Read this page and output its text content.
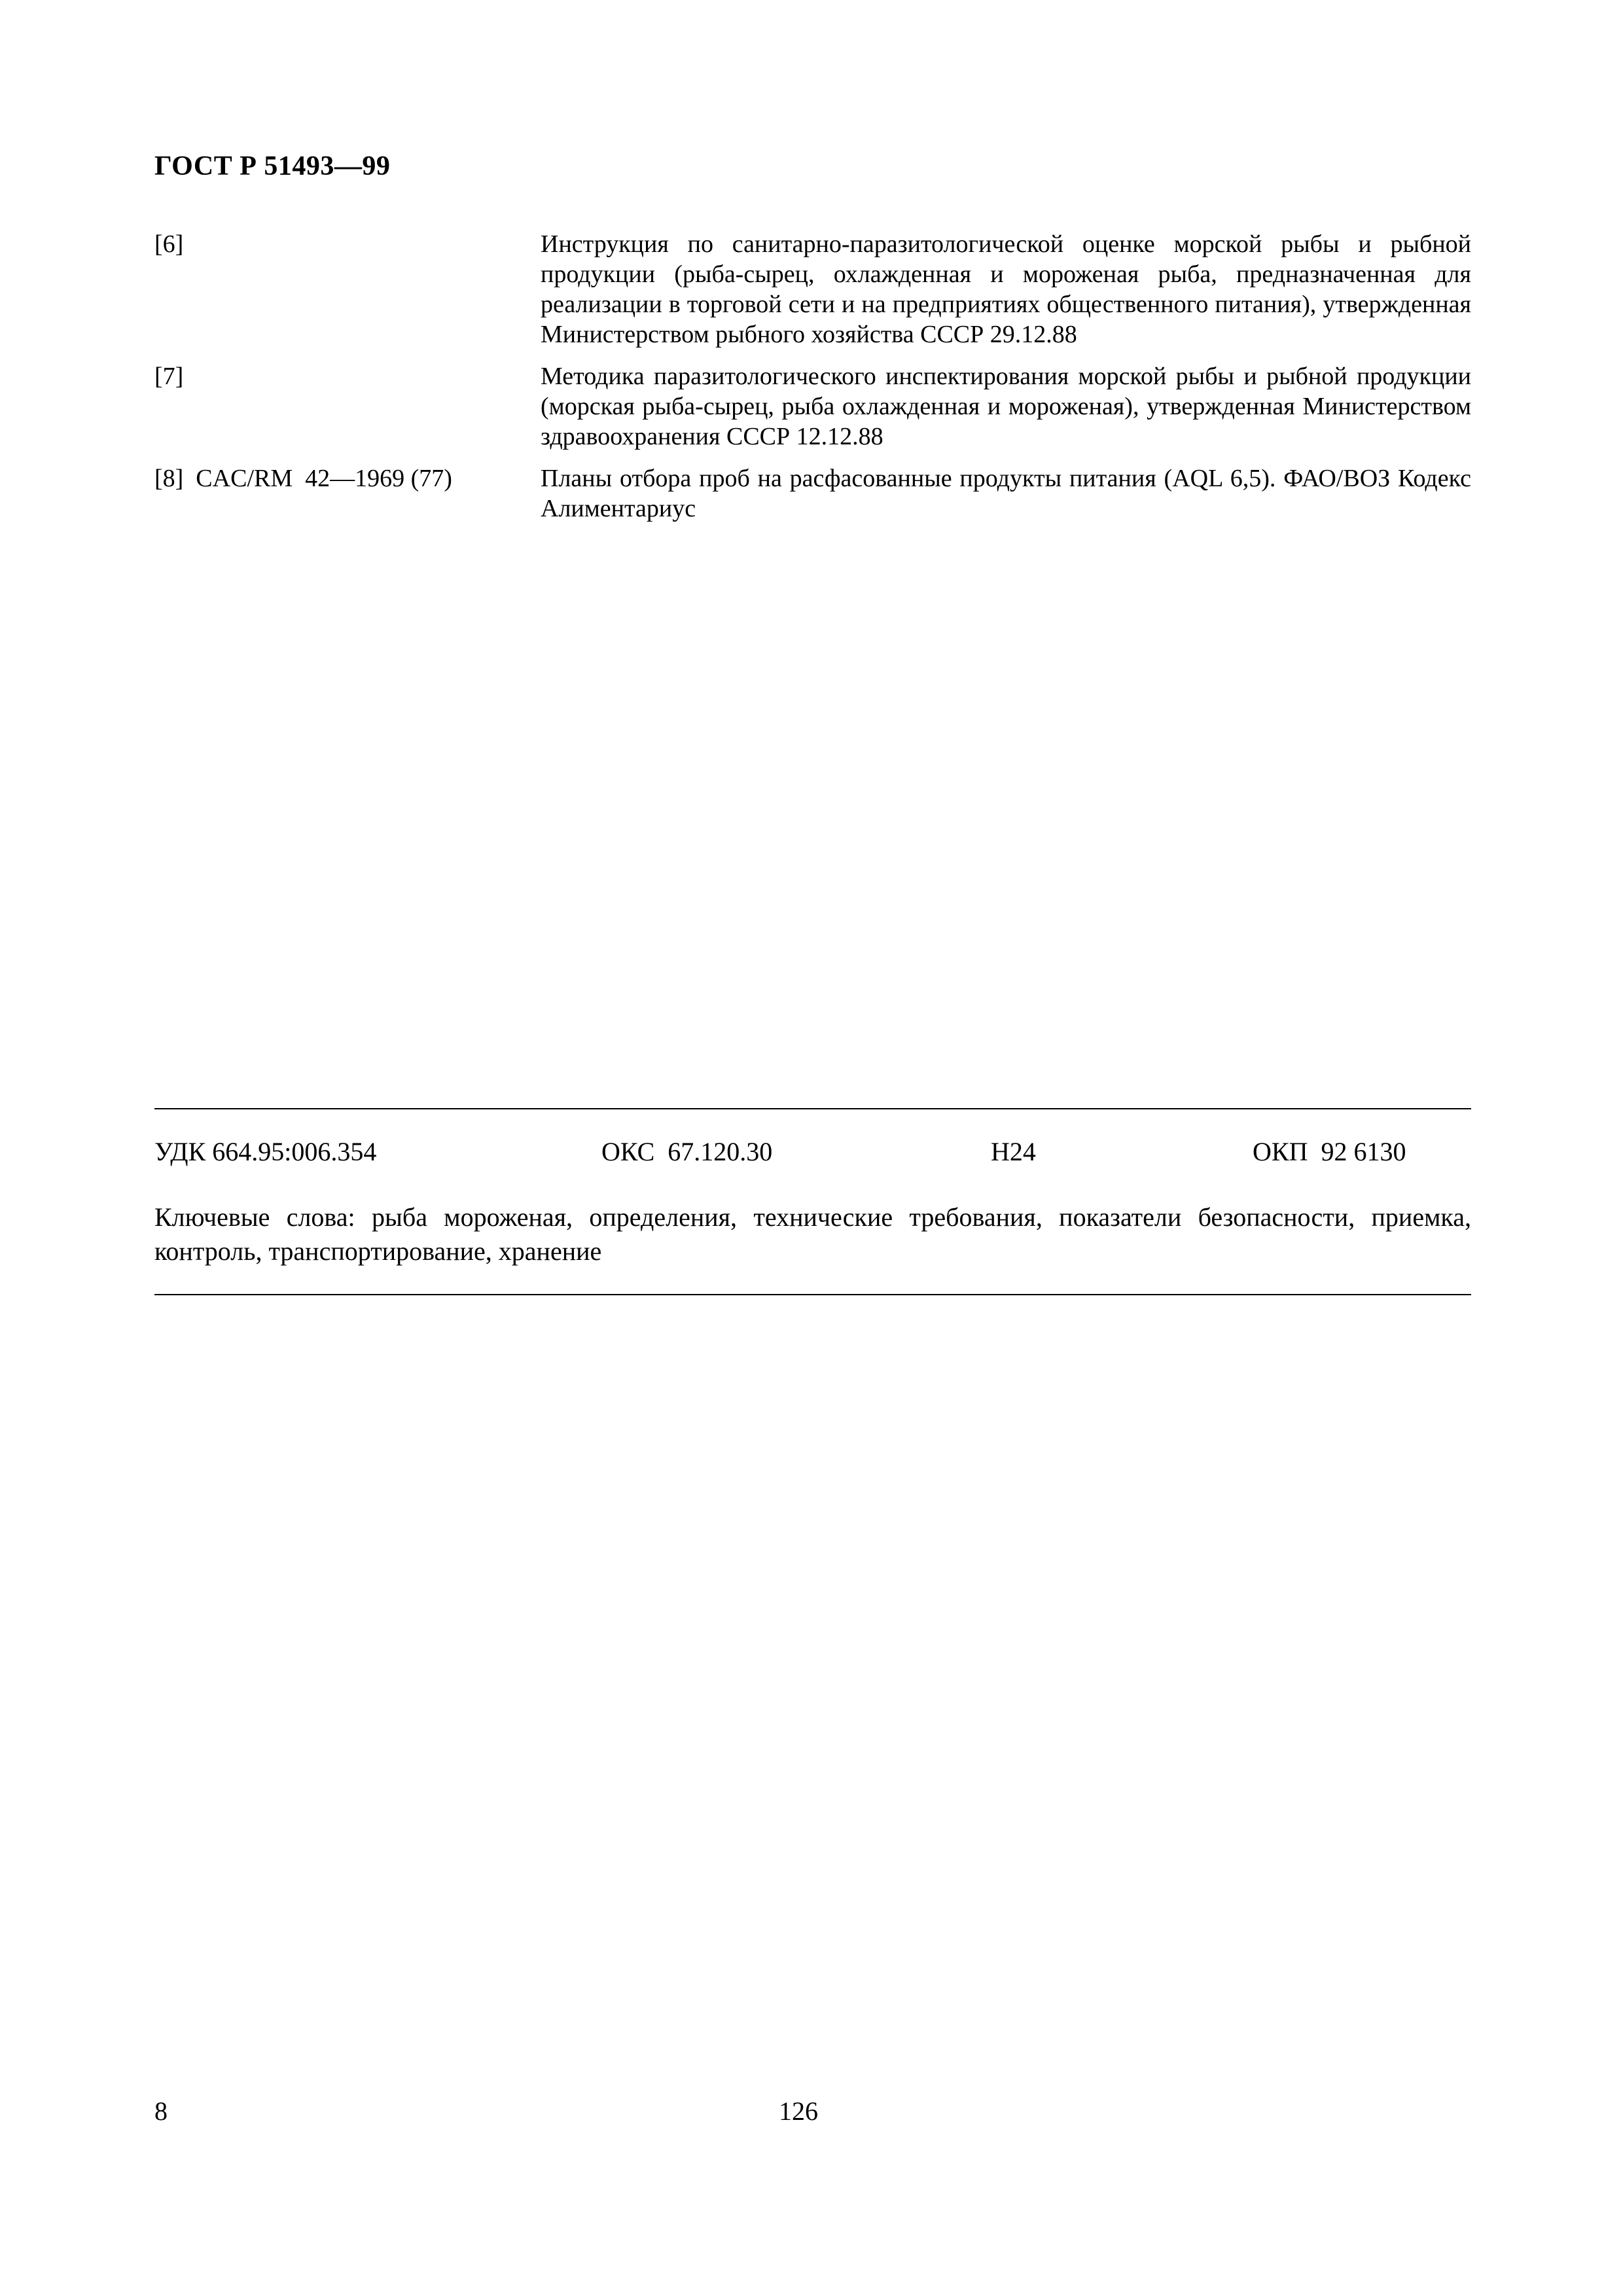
ГОСТ Р 51493—99
[6]	Инструкция по санитарно-паразитологической оценке морской рыбы и рыбной продукции (рыба-сырец, охлажденная и мороженая рыба, предназначенная для реализации в торговой сети и на предприятиях общественного питания), утвержденная Министерством рыбного хозяйства СССР 29.12.88
[7]	Методика паразитологического инспектирования морской рыбы и рыбной продукции (морская рыба-сырец, рыба охлажденная и мороженая), утвержденная Министерством здравоохранения СССР 12.12.88
[8]  CAC/RM  42—1969 (77)	Планы отбора проб на расфасованные продукты питания (AQL 6,5). ФАО/ВОЗ Кодекс Алиментариус
УДК 664.95:006.354	ОКС  67.120.30	Н24	ОКП  92 6130
Ключевые слова: рыба мороженая, определения, технические требования, показатели безопасности, приемка, контроль, транспортирование, хранение
8	126
